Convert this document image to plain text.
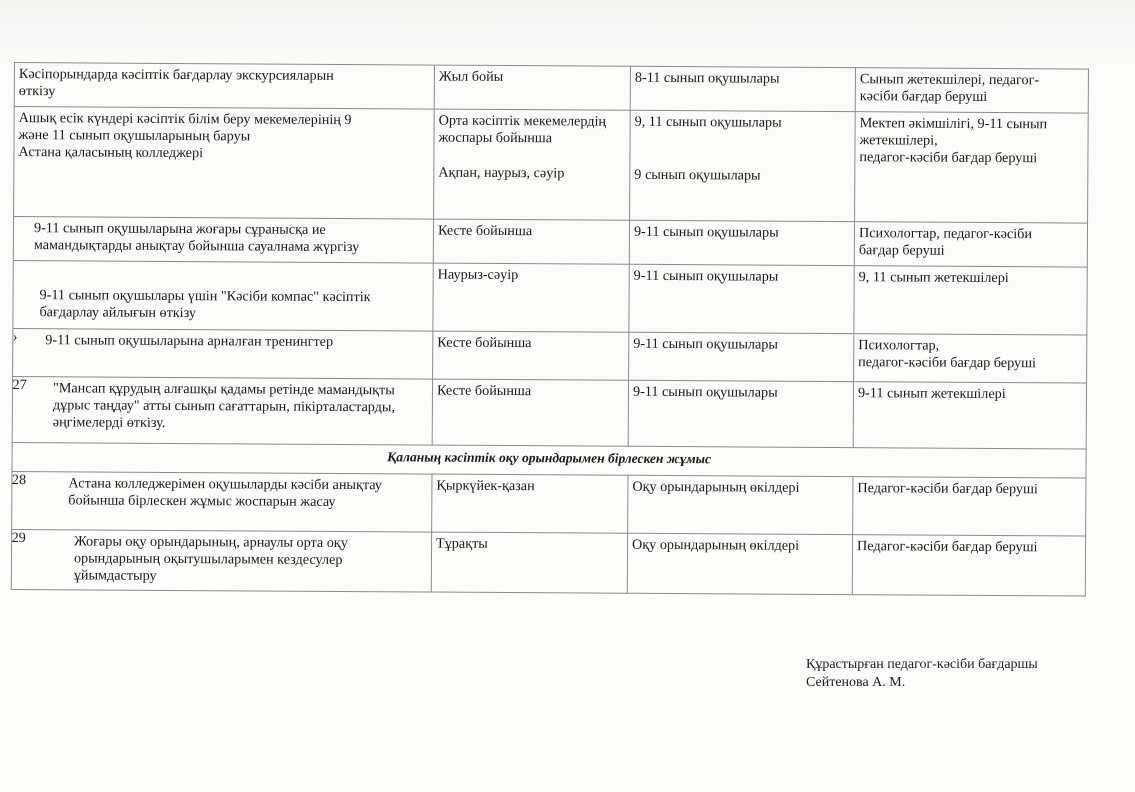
	Кәсіпорындарда кәсіптік бағдарлау экскурсияларын
өткізу	Жыл бойы	8-11 сынып оқушылары	Сынып жетекшілері, педагог-
кәсіби бағдар беруші
	Ашық есік күндері кәсіптік білім беру мекемелерінің 9
және 11 сынып оқушыларының баруы
Астана қаласының колледжері	Орта кәсіптік мекемелердің
жоспары бойынша
Ақпан, наурыз, сәуір	9, 11 сынып оқушылары
9 сынып оқушылары	Мектеп әкімшілігі, 9-11 сынып
жетекшілері,
педагог-кәсіби бағдар беруші
	9-11 сынып оқушыларына жоғары сұранысқа ие
мамандықтарды анықтау бойынша сауалнама жүргізу	Кесте бойынша	9-11 сынып оқушылары	Психологтар, педагог-кәсіби
бағдар беруші
	9-11 сынып оқушылары үшін "Кәсіби компас" кәсіптік
бағдарлау айлығын өткізу	Наурыз-сәуір	9-11 сынып оқушылары	9, 11 сынып жетекшілері
›	9-11 сынып оқушыларына арналған тренингтер	Кесте бойынша	9-11 сынып оқушылары	Психологтар,
педагог-кәсіби бағдар беруші
27	"Мансап құрудың алғашқы қадамы ретінде мамандықты
дұрыс таңдау" атты сынып сағаттарын, пікірталастарды,
әңгімелерді өткізу.	Кесте бойынша	9-11 сынып оқушылары	9-11 сынып жетекшілері
Қаланың кәсіптік оқу орындарымен бірлескен жұмыс			
28	Астана колледжерімен оқушыларды кәсіби анықтау
бойынша бірлескен жұмыс жоспарын жасау	Қыркүйек-қазан	Оқу орындарының өкілдері	Педагог-кәсіби бағдар беруші
29	Жоғары оқу орындарының, арнаулы орта оқу
орындарының оқытушыларымен кездесулер
ұйымдастыру	Тұрақты	Оқу орындарының өкілдері	Педагог-кәсіби бағдар беруші
Құрастырған педагог-кәсіби бағдаршы
Сейтенова А. М.
